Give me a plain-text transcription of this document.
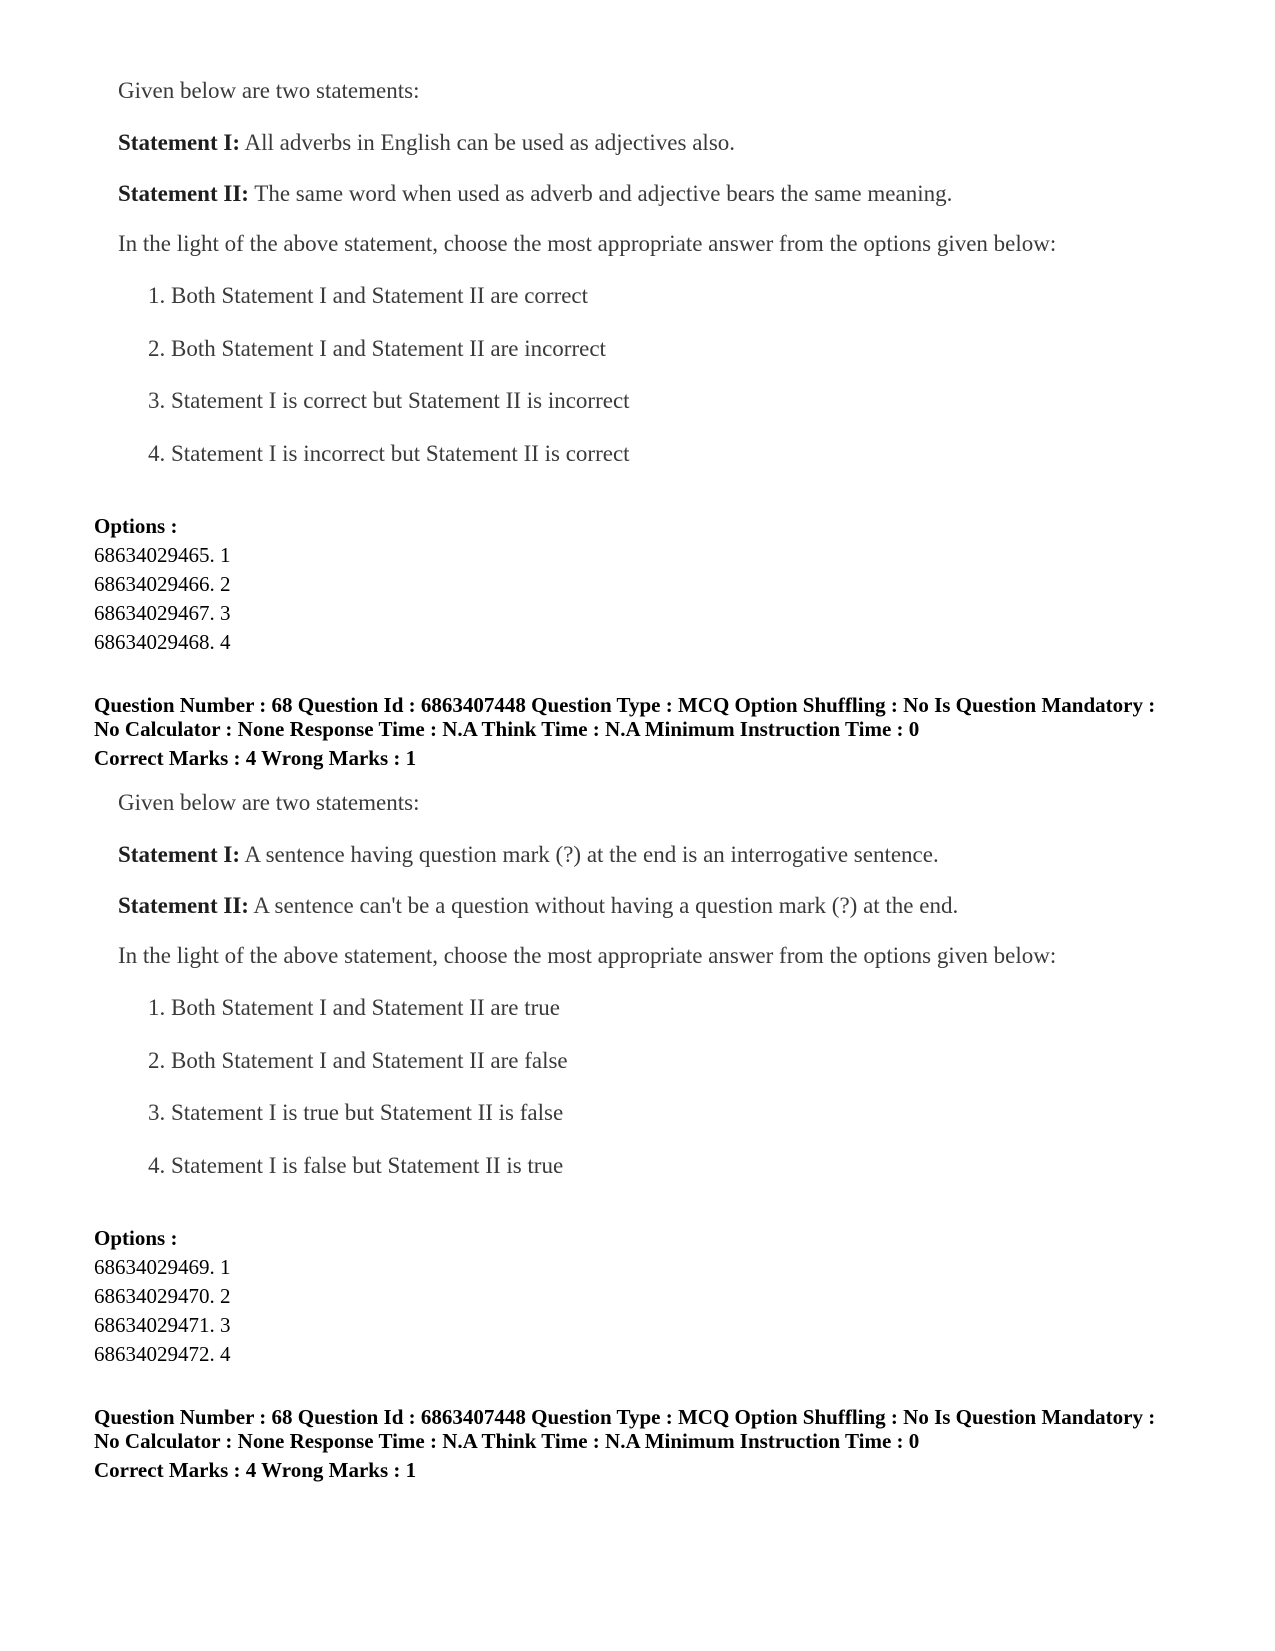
Given below are two statements:
Statement I: All adverbs in English can be used as adjectives also.
Statement II: The same word when used as adverb and adjective bears the same meaning.
In the light of the above statement, choose the most appropriate answer from the options given below:
1. Both Statement I and Statement II are correct
2. Both Statement I and Statement II are incorrect
3. Statement I is correct but Statement II is incorrect
4. Statement I is incorrect but Statement II is correct
Options :
68634029465. 1
68634029466. 2
68634029467. 3
68634029468. 4
Question Number : 68 Question Id : 6863407448 Question Type : MCQ Option Shuffling : No Is Question Mandatory :
No Calculator : None Response Time : N.A Think Time : N.A Minimum Instruction Time : 0
Correct Marks : 4 Wrong Marks : 1
Given below are two statements:
Statement I: A sentence having question mark (?) at the end is an interrogative sentence.
Statement II: A sentence can't be a question without having a question mark (?) at the end.
In the light of the above statement, choose the most appropriate answer from the options given below:
1. Both Statement I and Statement II are true
2. Both Statement I and Statement II are false
3. Statement I is true but Statement II is false
4. Statement I is false but Statement II is true
Options :
68634029469. 1
68634029470. 2
68634029471. 3
68634029472. 4
Question Number : 68 Question Id : 6863407448 Question Type : MCQ Option Shuffling : No Is Question Mandatory :
No Calculator : None Response Time : N.A Think Time : N.A Minimum Instruction Time : 0
Correct Marks : 4 Wrong Marks : 1
